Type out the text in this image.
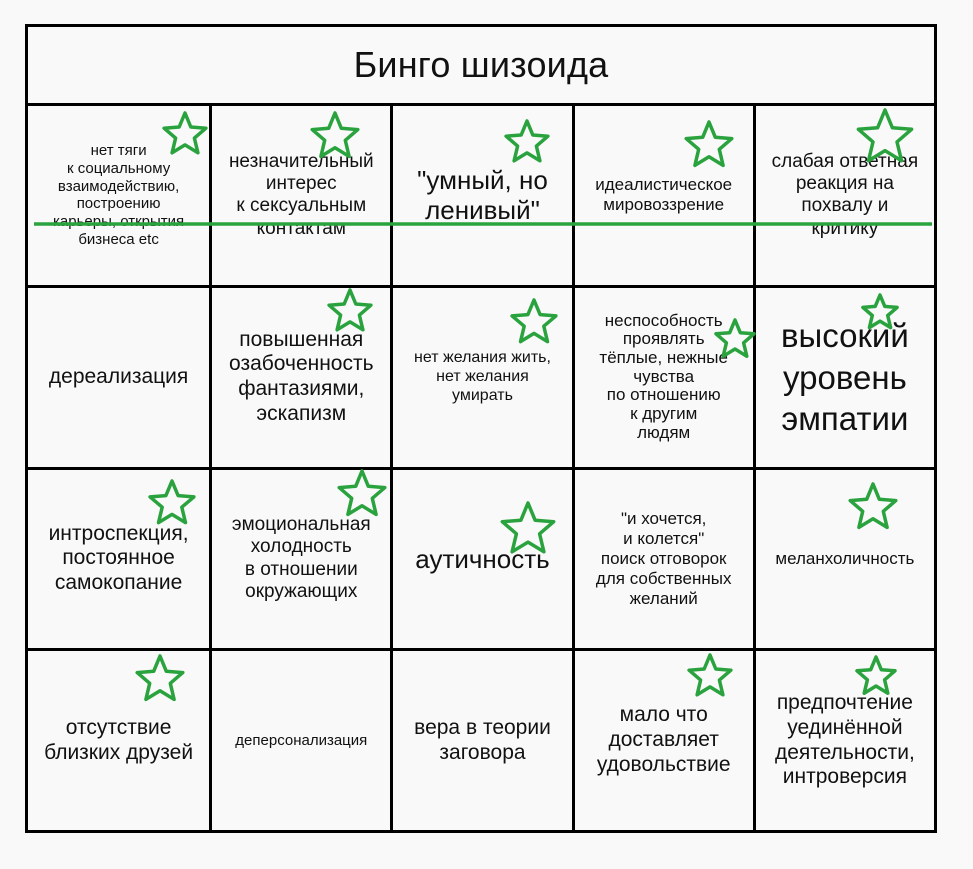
Бинго шизоида
нет тяги
к социальному
взаимодействию,
построению
карьеры, открытия
бизнеса etc
незначительный
интерес
к сексуальным
контактам
"умный, но
ленивый"
идеалистическое
мировоззрение
слабая ответная
реакция на
похвалу и
критику
дереализация
повышенная
озабоченность
фантазиями,
эскапизм
нет желания жить,
нет желания
умирать
неспособность
проявлять
тёплые, нежные
чувства
по отношению
к другим
людям
высокий
уровень
эмпатии
интроспекция,
постоянное
самокопание
эмоциональная
холодность
в отношении
окружающих
аутичность
"и хочется,
и колется"
поиск отговорок
для собственных
желаний
меланхоличность
отсутствие
близких друзей
деперсонализация
вера в теории
заговора
мало что
доставляет
удовольствие
предпочтение
уединённой
деятельности,
интроверсия
